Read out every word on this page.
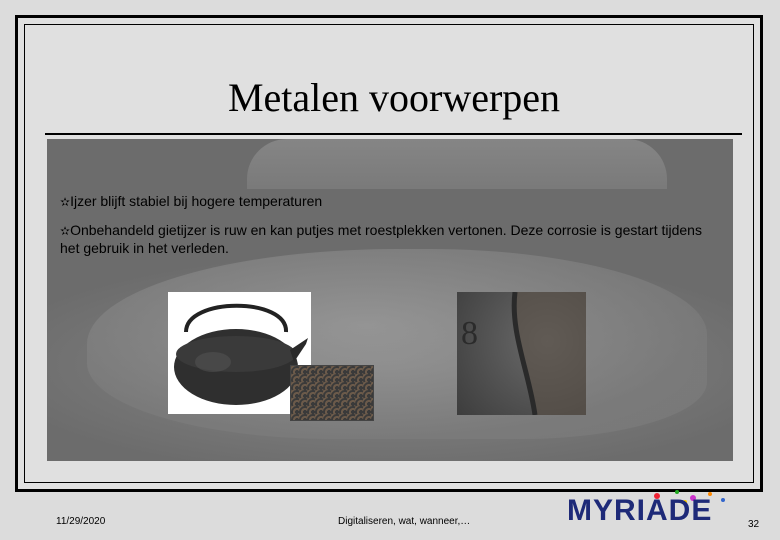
Metalen voorwerpen
✫Ijzer blijft stabiel bij hogere temperaturen
✫Onbehandeld gietijzer is ruw en kan putjes met roestplekken vertonen. Deze corrosie is gestart tijdens het gebruik in het verleden.
8
11/29/2020	Digitaliseren, wat, wanneer,…	32
MYRIADE
